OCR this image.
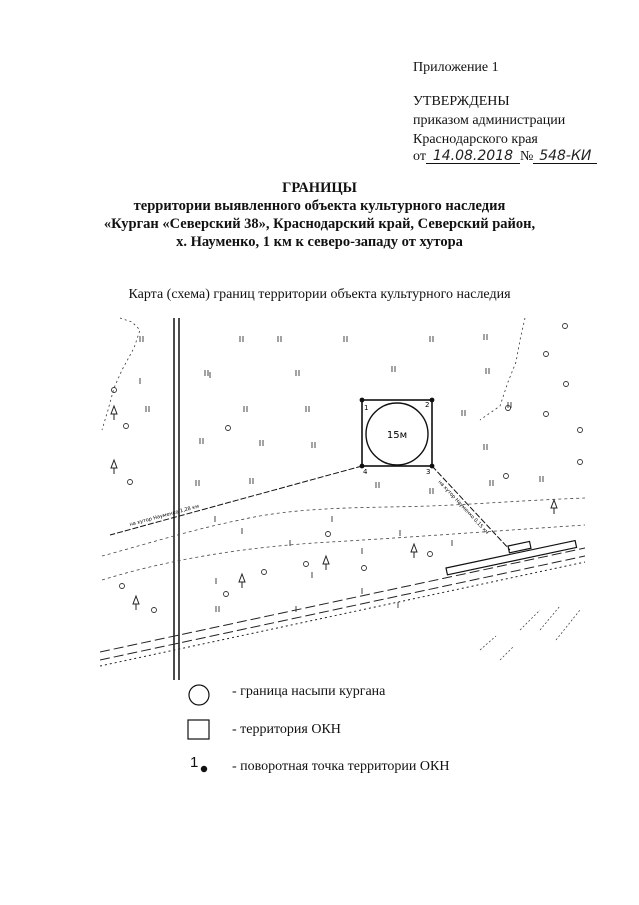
Приложение 1
УТВЕРЖДЕНЫ
приказом администрации
Краснодарского края
от 14.08.2018 № 548-КИ
ГРАНИЦЫ
территории выявленного объекта культурного наследия
«Курган «Северский 38», Краснодарский край, Северский район,
х. Науменко, 1 км к северо-западу от хутора
Карта (схема) границ территории объекта культурного наследия
15м
1	2
3
4
на хутор Науменко 1,28 км	на хутор Науменко 0,15 км
- граница насыпи кургана
- территория ОКН
1 - поворотная точка территории ОКН
